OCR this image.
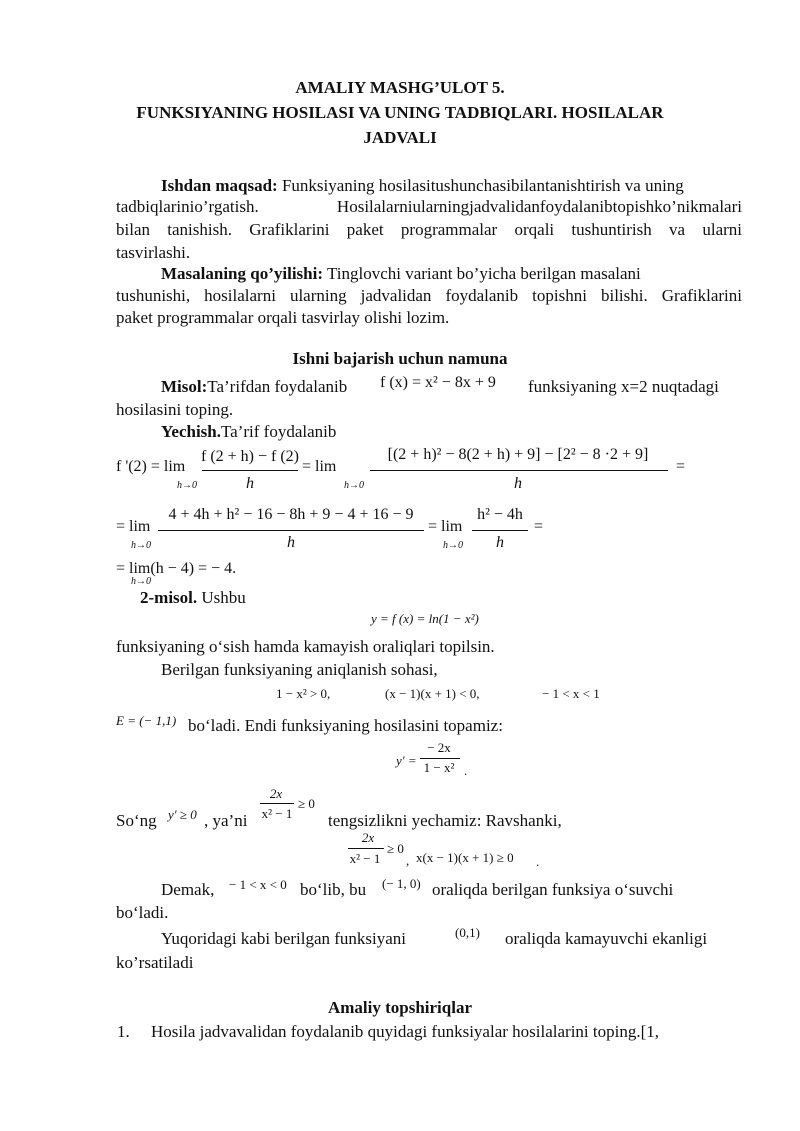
AMALIY MASHG’ULOT 5.
FUNKSIYANING HOSILASI VA UNING TADBIQLARI. HOSILALAR
JADVALI
Ishdan maqsad: Funksiyaning hosilasitushunchasibilantanishtirish va uning
tadbiqlarinio’rgatish. Hosilalarniularningjadvalidanfoydalanibtopishko’nikmalari
bilan tanishish. Grafiklarini paket programmalar orqali tushuntirish va ularni
tasvirlashi.
Masalaning qo’yilishi: Tinglovchi variant bo’yicha berilgan masalani
tushunishi, hosilalarni ularning jadvalidan foydalanib topishni bilishi. Grafiklarini
paket programmalar orqali tasvirlay olishi lozim.
Ishni bajarish uchun namuna
Misol:Ta’rifdan foydalanib f (x) = x² − 8x + 9 funksiyaning x=2 nuqtadagi
hosilasini toping.
Yechish.Ta’rif foydalanib
f '(2) = lim
h→0
f (2 + h) − f (2)
h
= lim
h→0
[(2 + h)² − 8(2 + h) + 9] − [2² − 8 ·2 + 9]
h
=
= lim
h→0
4 + 4h + h² − 16 − 8h + 9 − 4 + 16 − 9
h
= lim
h→0
h² − 4h
h
=
= lim(h − 4) = − 4.
h→0
2-misol. Ushbu
y = f (x) = ln(1 − x²)
funksiyaning o‘sish hamda kamayish oraliqlari topilsin.
Berilgan funksiyaning aniqlanish sohasi,
1 − x² > 0,	(x − 1)(x + 1) < 0,	− 1 < x < 1
E = (− 1,1) bo‘ladi. Endi funksiyaning hosilasini topamiz:
y′ =
− 2x
1 − x² .
So‘ng y′ ≥ 0 , ya’ni
2x
x² − 1
≥ 0
tengsizlikni yechamiz: Ravshanki,
2x
x² − 1
≥ 0
, x(x − 1)(x + 1) ≥ 0 .
Demak, − 1 < x < 0 bo‘lib, bu (− 1, 0) oraliqda berilgan funksiya o‘suvchi
bo‘ladi.
Yuqoridagi kabi berilgan funksiyani	(0,1) oraliqda kamayuvchi ekanligi
ko’rsatiladi
Amaliy topshiriqlar
1. Hosila jadvavalidan foydalanib quyidagi funksiyalar hosilalarini toping.[1,
